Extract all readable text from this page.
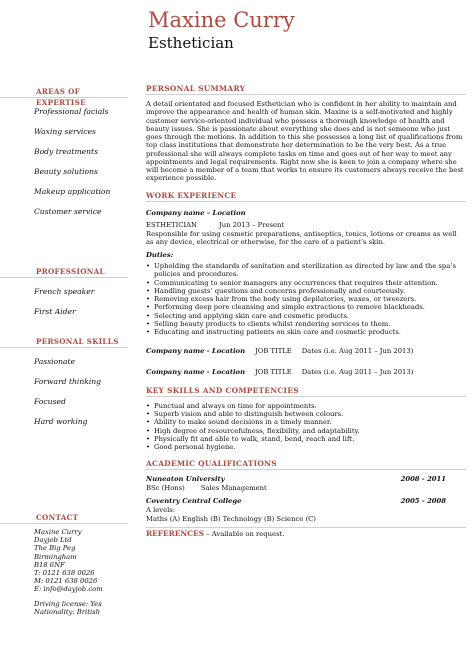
Maxine Curry
Esthetician
AREAS OF EXPERTISE
Professional facials
Waxing services
Body treatments
Beauty solutions
Makeup application
Customer service
PROFESSIONAL
French speaker
First Aider
PERSONAL SKILLS
Passionate
Forward thinking
Focused
Hard working
CONTACT
Maxine Curry
Dayjob Ltd
The Big Peg
Birmingham
B18 6NF
T: 0121 638 0026
M: 0121 638 0026
E: info@dayjob.com
Driving license: Yes
Nationality: British
PERSONAL SUMMARY

A detail orientated and focused Esthetician who is confident in her ability to maintain and improve the appearance and health of human skin. Maxine is a self-motivated and highly customer service-oriented individual who possess a thorough knowledge of health and beauty issues. She is passionate about everything she does and is not someone who just goes through the motions. In addition to this she possesses a long list of qualifications from top class institutions that demonstrate her determination to be the very best. As a true professional she will always complete tasks on time and goes out of her way to meet any appointments and legal requirements. Right now she is keen to join a company where she will become a member of a team that works to ensure its customers always receive the best experience possible.

WORK EXPERIENCE
Company name – Location
ESTHETICIAN	Jun 2013 – Present

Responsible for using cosmetic preparations, antiseptics, tonics, lotions or creams as well as any device, electrical or otherwise, for the care of a patient’s skin.

Duties:
• Upholding the standards of sanitation and sterilization as directed by law and the spa’s policies and procedures.
• Communicating to senior managers any occurrences that requires their attention.
• Handling guests’ questions and concerns professionally and courteously.
• Removing excess hair from the body using depilatories, waxes, or tweezers.
• Performing deep pore cleansing and simple extractions to remove blackheads.
• Selecting and applying skin care and cosmetic products.
• Selling beauty products to clients whilst rendering services to them.
• Educating and instructing patients on skin care and cosmetic products.
Company name - Location JOB TITLE Dates (i.e. Aug 2011 – Jun 2013)
Company name - Location JOB TITLE Dates (i.e. Aug 2011 – Jun 2013)
KEY SKILLS AND COMPETENCIES
• Punctual and always on time for appointments.
• Superb vision and able to distinguish between colours.
• Ability to make sound decisions in a timely manner.
• High degree of resourcefulness, flexibility, and adaptability.
• Physically fit and able to walk, stand, bend, reach and lift.
• Good personal hygiene.
ACADEMIC QUALIFICATIONS
Nuneaton University	2008 - 2011
BSc (Hons) Sales Management
Coventry Central College	2005 - 2008
A levels:
Maths (A) English (B) Technology (B) Science (C)
REFERENCES – Available on request.
